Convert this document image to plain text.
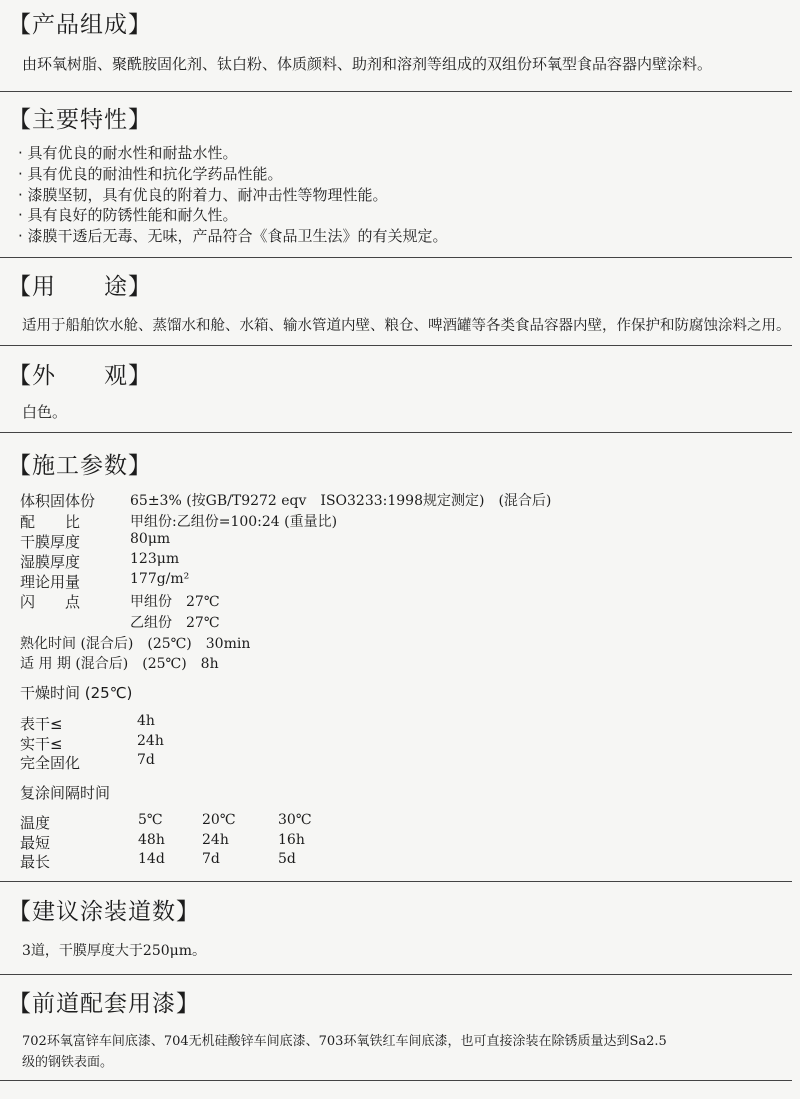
【产品组成】
由环氧树脂、聚酰胺固化剂、钛白粉、体质颜料、助剂和溶剂等组成的双组份环氧型食品容器内壁涂料。
【主要特性】
· 具有优良的耐水性和耐盐水性。
· 具有优良的耐油性和抗化学药品性能。
· 漆膜坚韧，具有优良的附着力、耐冲击性等物理性能。
· 具有良好的防锈性能和耐久性。
· 漆膜干透后无毒、无味，产品符合《食品卫生法》的有关规定。
【用　　途】
适用于船舶饮水舱、蒸馏水和舱、水箱、输水管道内壁、粮仓、啤酒罐等各类食品容器内壁，作保护和防腐蚀涂料之用。
【外　　观】
白色。
【施工参数】
体积固体份 65±3% (按GB/T9272 eqv　ISO3233:1998规定测定)　(混合后)
配　　比	甲组份:乙组份=100:24 (重量比)
干膜厚度	80μm
湿膜厚度	123μm
理论用量	177g/m²
闪　　点	甲组份　27℃
乙组份　27℃
熟化时间 (混合后)　(25℃)　30min
适 用 期 (混合后)　(25℃)　8h
干燥时间 (25℃)
表干≤	4h
实干≤	24h
完全固化	7d
复涂间隔时间
温度	5℃	20℃	30℃
最短	48h	24h	16h
最长	14d	7d	5d
【建议涂装道数】
3道，干膜厚度大于250μm。
【前道配套用漆】
702环氧富锌车间底漆、704无机硅酸锌车间底漆、703环氧铁红车间底漆，也可直接涂装在除锈质量达到Sa2.5
级的钢铁表面。
